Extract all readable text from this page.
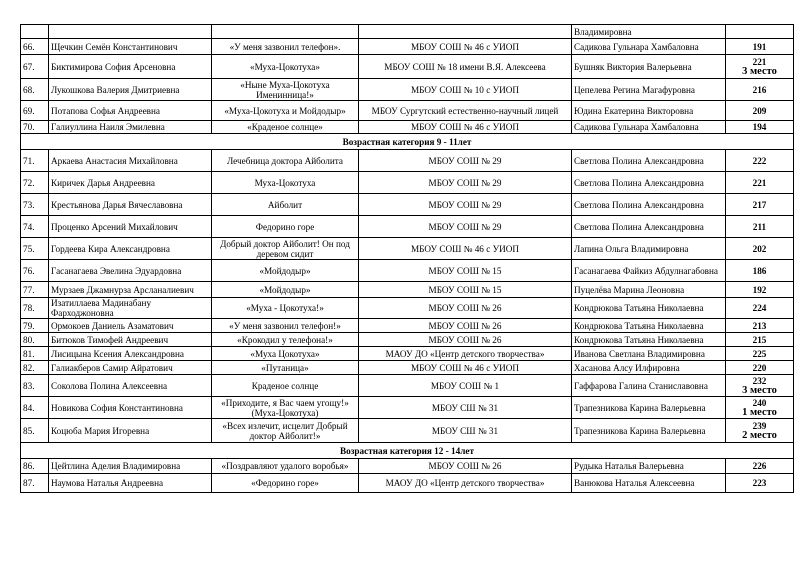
				Владимировна	
66.	Щечкин Семён Константинович	«У меня зазвонил телефон».	МБОУ СОШ № 46 с УИОП	Садикова Гульнара Хамбаловна	191

67.	Биктимирова София Арсеновна	«Муха-Цокотуха»	МБОУ СОШ № 18 имени В.Я. Алексеева	Бушняк Виктория Валерьевна	221
3 место

68.	Лукошкова Валерия Дмитриевна	«Ныне Муха-Цокотуха Именинница!»	МБОУ СОШ № 10 с УИОП	Цепелева Регина Магафуровна	216

69.	Потапова Софья Андреевна	«Муха-Цокотуха и Мойдодыр»	МБОУ Сургутский естественно-научный лицей	Юдина Екатерина Викторовна	209

70.	Галиуллина Наиля Эмилевна	«Краденое солнце»	МБОУ СОШ № 46 с УИОП	Садикова Гульнара Хамбаловна	194

Возрастная категория 9 - 11лет					
71.	Аркаева Анастасия Михайловна	Лечебница доктора Айболита	МБОУ СОШ № 29	Светлова Полина Александровна	222

72.	Киричек Дарья Андреевна	Муха-Цокотуха	МБОУ СОШ № 29	Светлова Полина Александровна	221

73.	Крестьянова Дарья Вячеславовна	Айболит	МБОУ СОШ № 29	Светлова Полина Александровна	217

74.	Проценко Арсений Михайлович	Федорино горе	МБОУ СОШ № 29	Светлова Полина Александровна	211

75.	Гордеева Кира Александровна	Добрый доктор Айболит! Он под деревом сидит	МБОУ СОШ № 46 с УИОП	Лапина Ольга Владимировна	202

76.	Гасанагаева Эвелина Эдуардовна	«Мойдодыр»	МБОУ СОШ № 15	Гасанагаева Файкиз Абдулнагабовна	186

77.	Мурзаев Джамнурза Арсланалиевич	«Мойдодыр»	МБОУ СОШ № 15	Пуцелёва Марина Леоновна	192

78.	Изатиллаева Мадинабану Фарходжоновна	«Муха - Цокотуха!»	МБОУ СОШ № 26	Кондрюкова Татьяна Николаевна	224

79.	Ормокоев Даниель Азаматович	«У меня зазвонил телефон!»	МБОУ СОШ № 26	Кондрюкова Татьяна Николаевна	213

80.	Битюков Тимофей Андреевич	«Крокодил у телефона!»	МБОУ СОШ № 26	Кондрюкова Татьяна Николаевна	215

81.	Лисицына Ксения Александровна	«Муха Цокотуха»	МАОУ ДО «Центр детского творчества»	Иванова Светлана Владимировна	225

82.	Галиакберов Самир Айратович	«Путаница»	МБОУ СОШ № 46 с УИОП	Хасанова Алсу Илфировна	220

83.	Соколова Полина Алексеевна	Краденое солнце	МБОУ СОШ № 1	Гаффарова Галина Станиславовна	232
3 место

84.	Новикова София Константиновна	«Приходите, я Вас чаем угощу!» (Муха-Цокотуха)	МБОУ СШ № 31	Трапезникова Карина Валерьевна	240
1 место

85.	Коцюба Мария Игоревна	«Всех излечит, исцелит Добрый доктор Айболит!»	МБОУ СШ № 31	Трапезникова Карина Валерьевна	239
2 место

Возрастная категория 12 - 14лет					
86.	Цейтлина Аделия Владимировна	«Поздравляют удалого воробья»	МБОУ СОШ № 26	Рудыка Наталья Валерьевна	226

87.	Наумова Наталья Андреевна	«Федорино горе»	МАОУ ДО «Центр детского творчества»	Ванюкова Наталья Алексеевна	223
